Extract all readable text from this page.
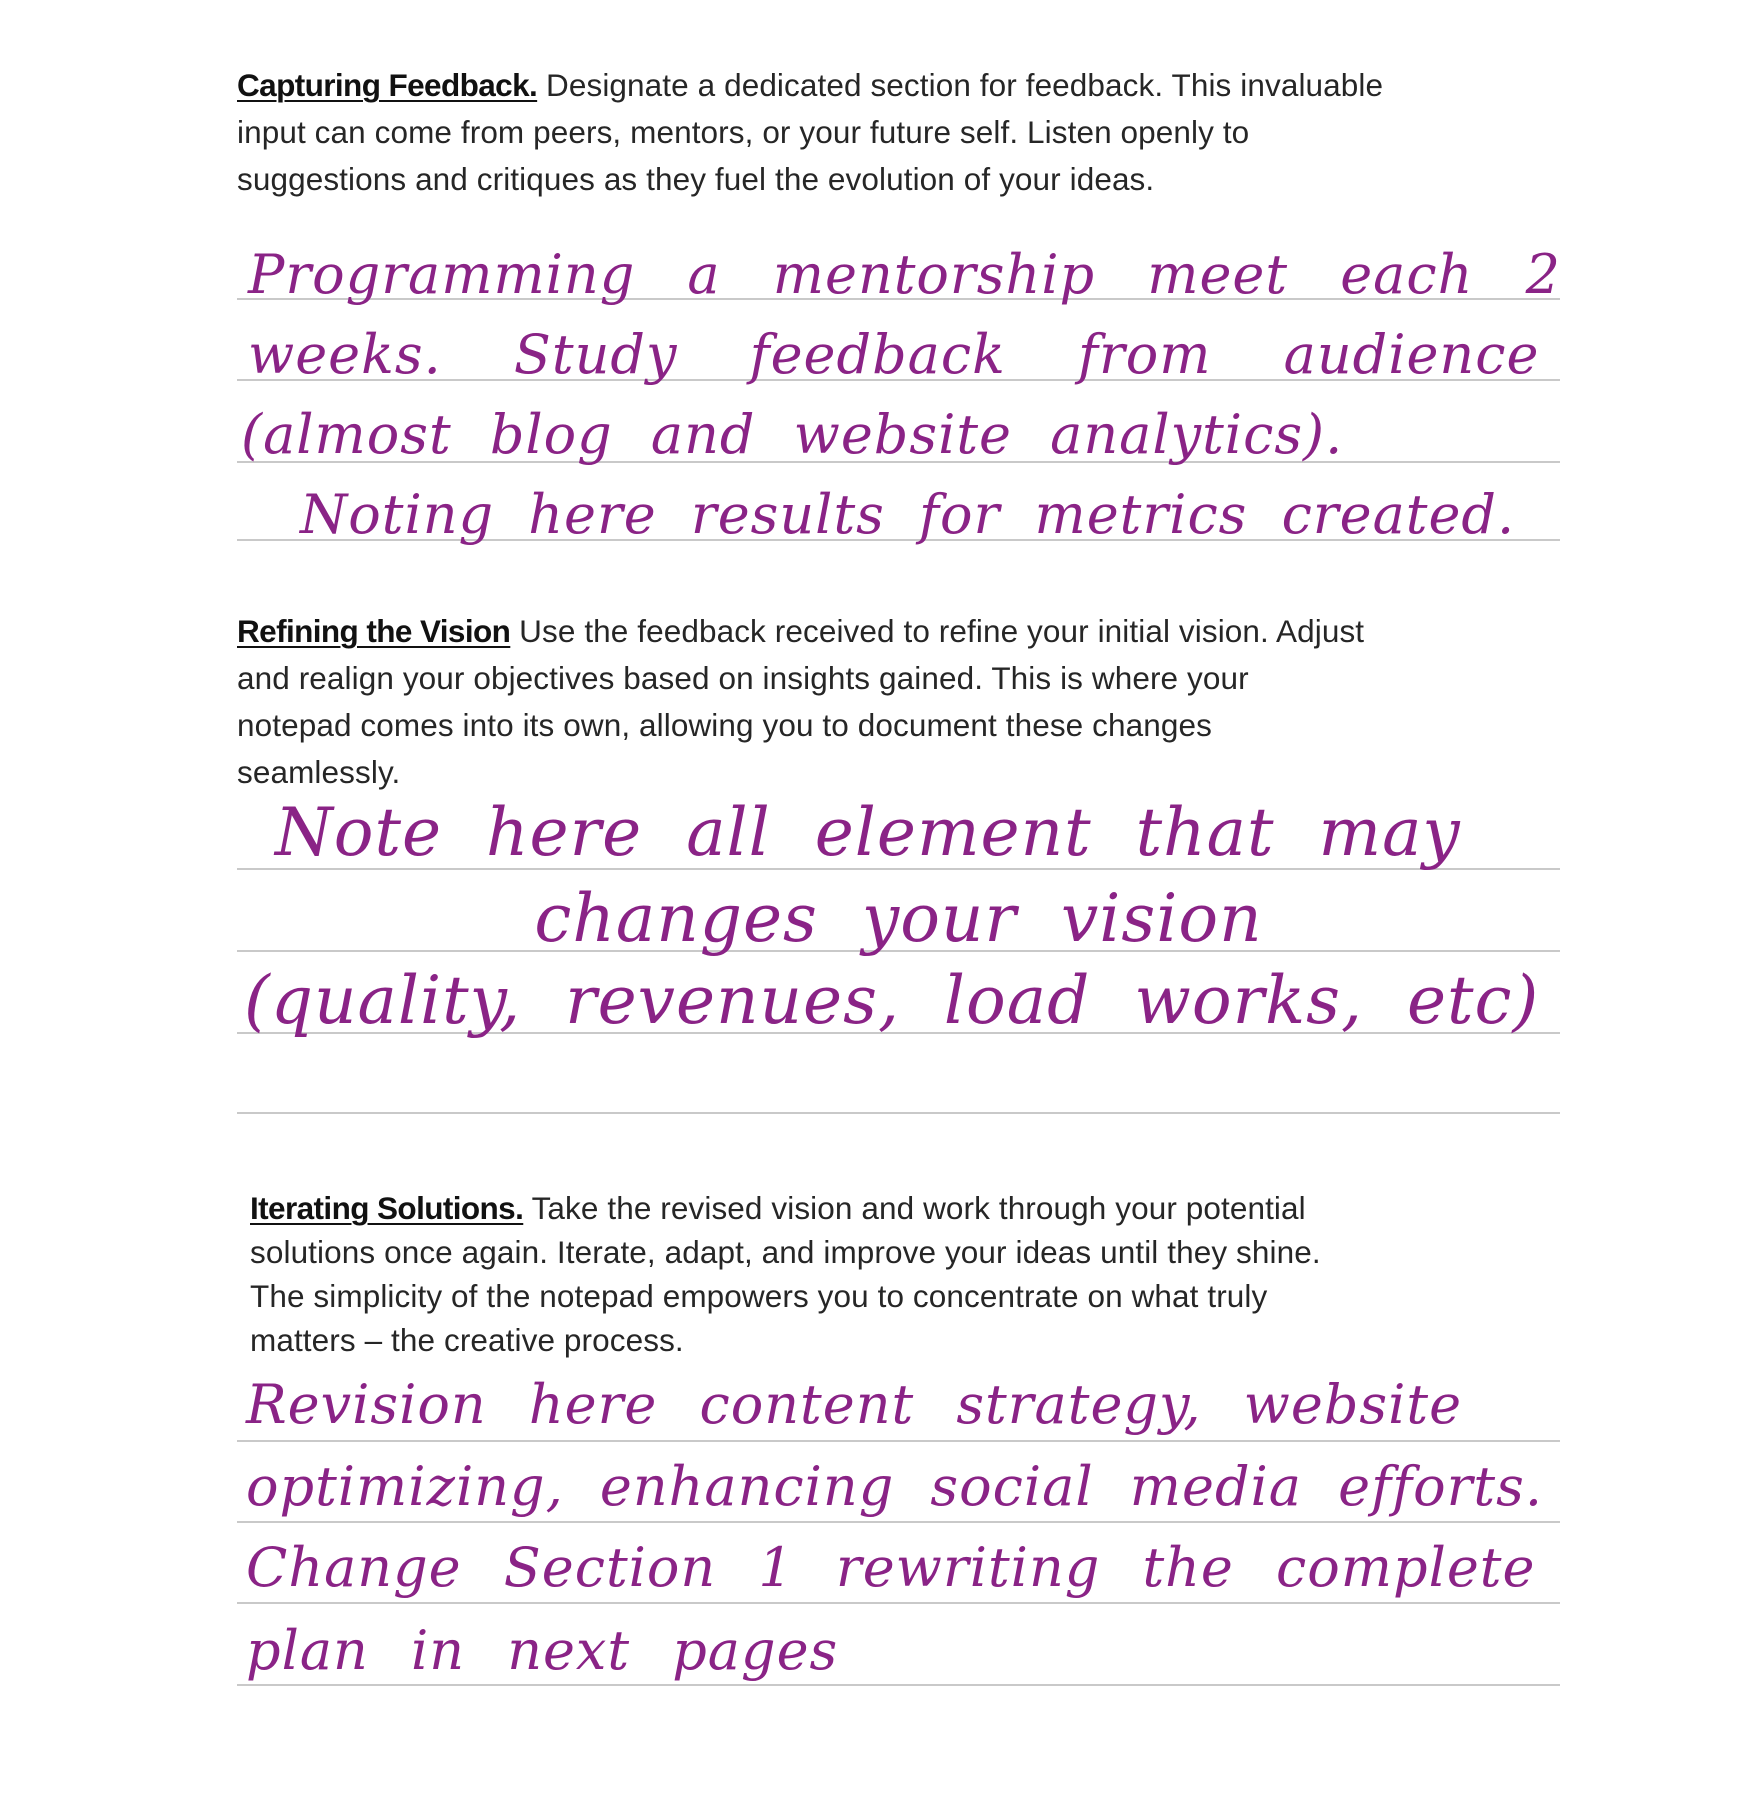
Capturing Feedback. Designate a dedicated section for feedback. This invaluable
input can come from peers, mentors, or your future self. Listen openly to
suggestions and critiques as they fuel the evolution of your ideas.

Programming a mentorship meet each 2

weeks. Study feedback from audience

(almost blog and website analytics).

Noting here results for metrics created.

Refining the Vision Use the feedback received to refine your initial vision. Adjust
and realign your objectives based on insights gained. This is where your
notepad comes into its own, allowing you to document these changes
seamlessly.

Note here all element that may

changes your vision

(quality, revenues, load works, etc)

Iterating Solutions. Take the revised vision and work through your potential
solutions once again. Iterate, adapt, and improve your ideas until they shine.
The simplicity of the notepad empowers you to concentrate on what truly
matters – the creative process.

Revision here content strategy, website

optimizing, enhancing social media efforts.

Change Section 1 rewriting the complete

plan in next pages
